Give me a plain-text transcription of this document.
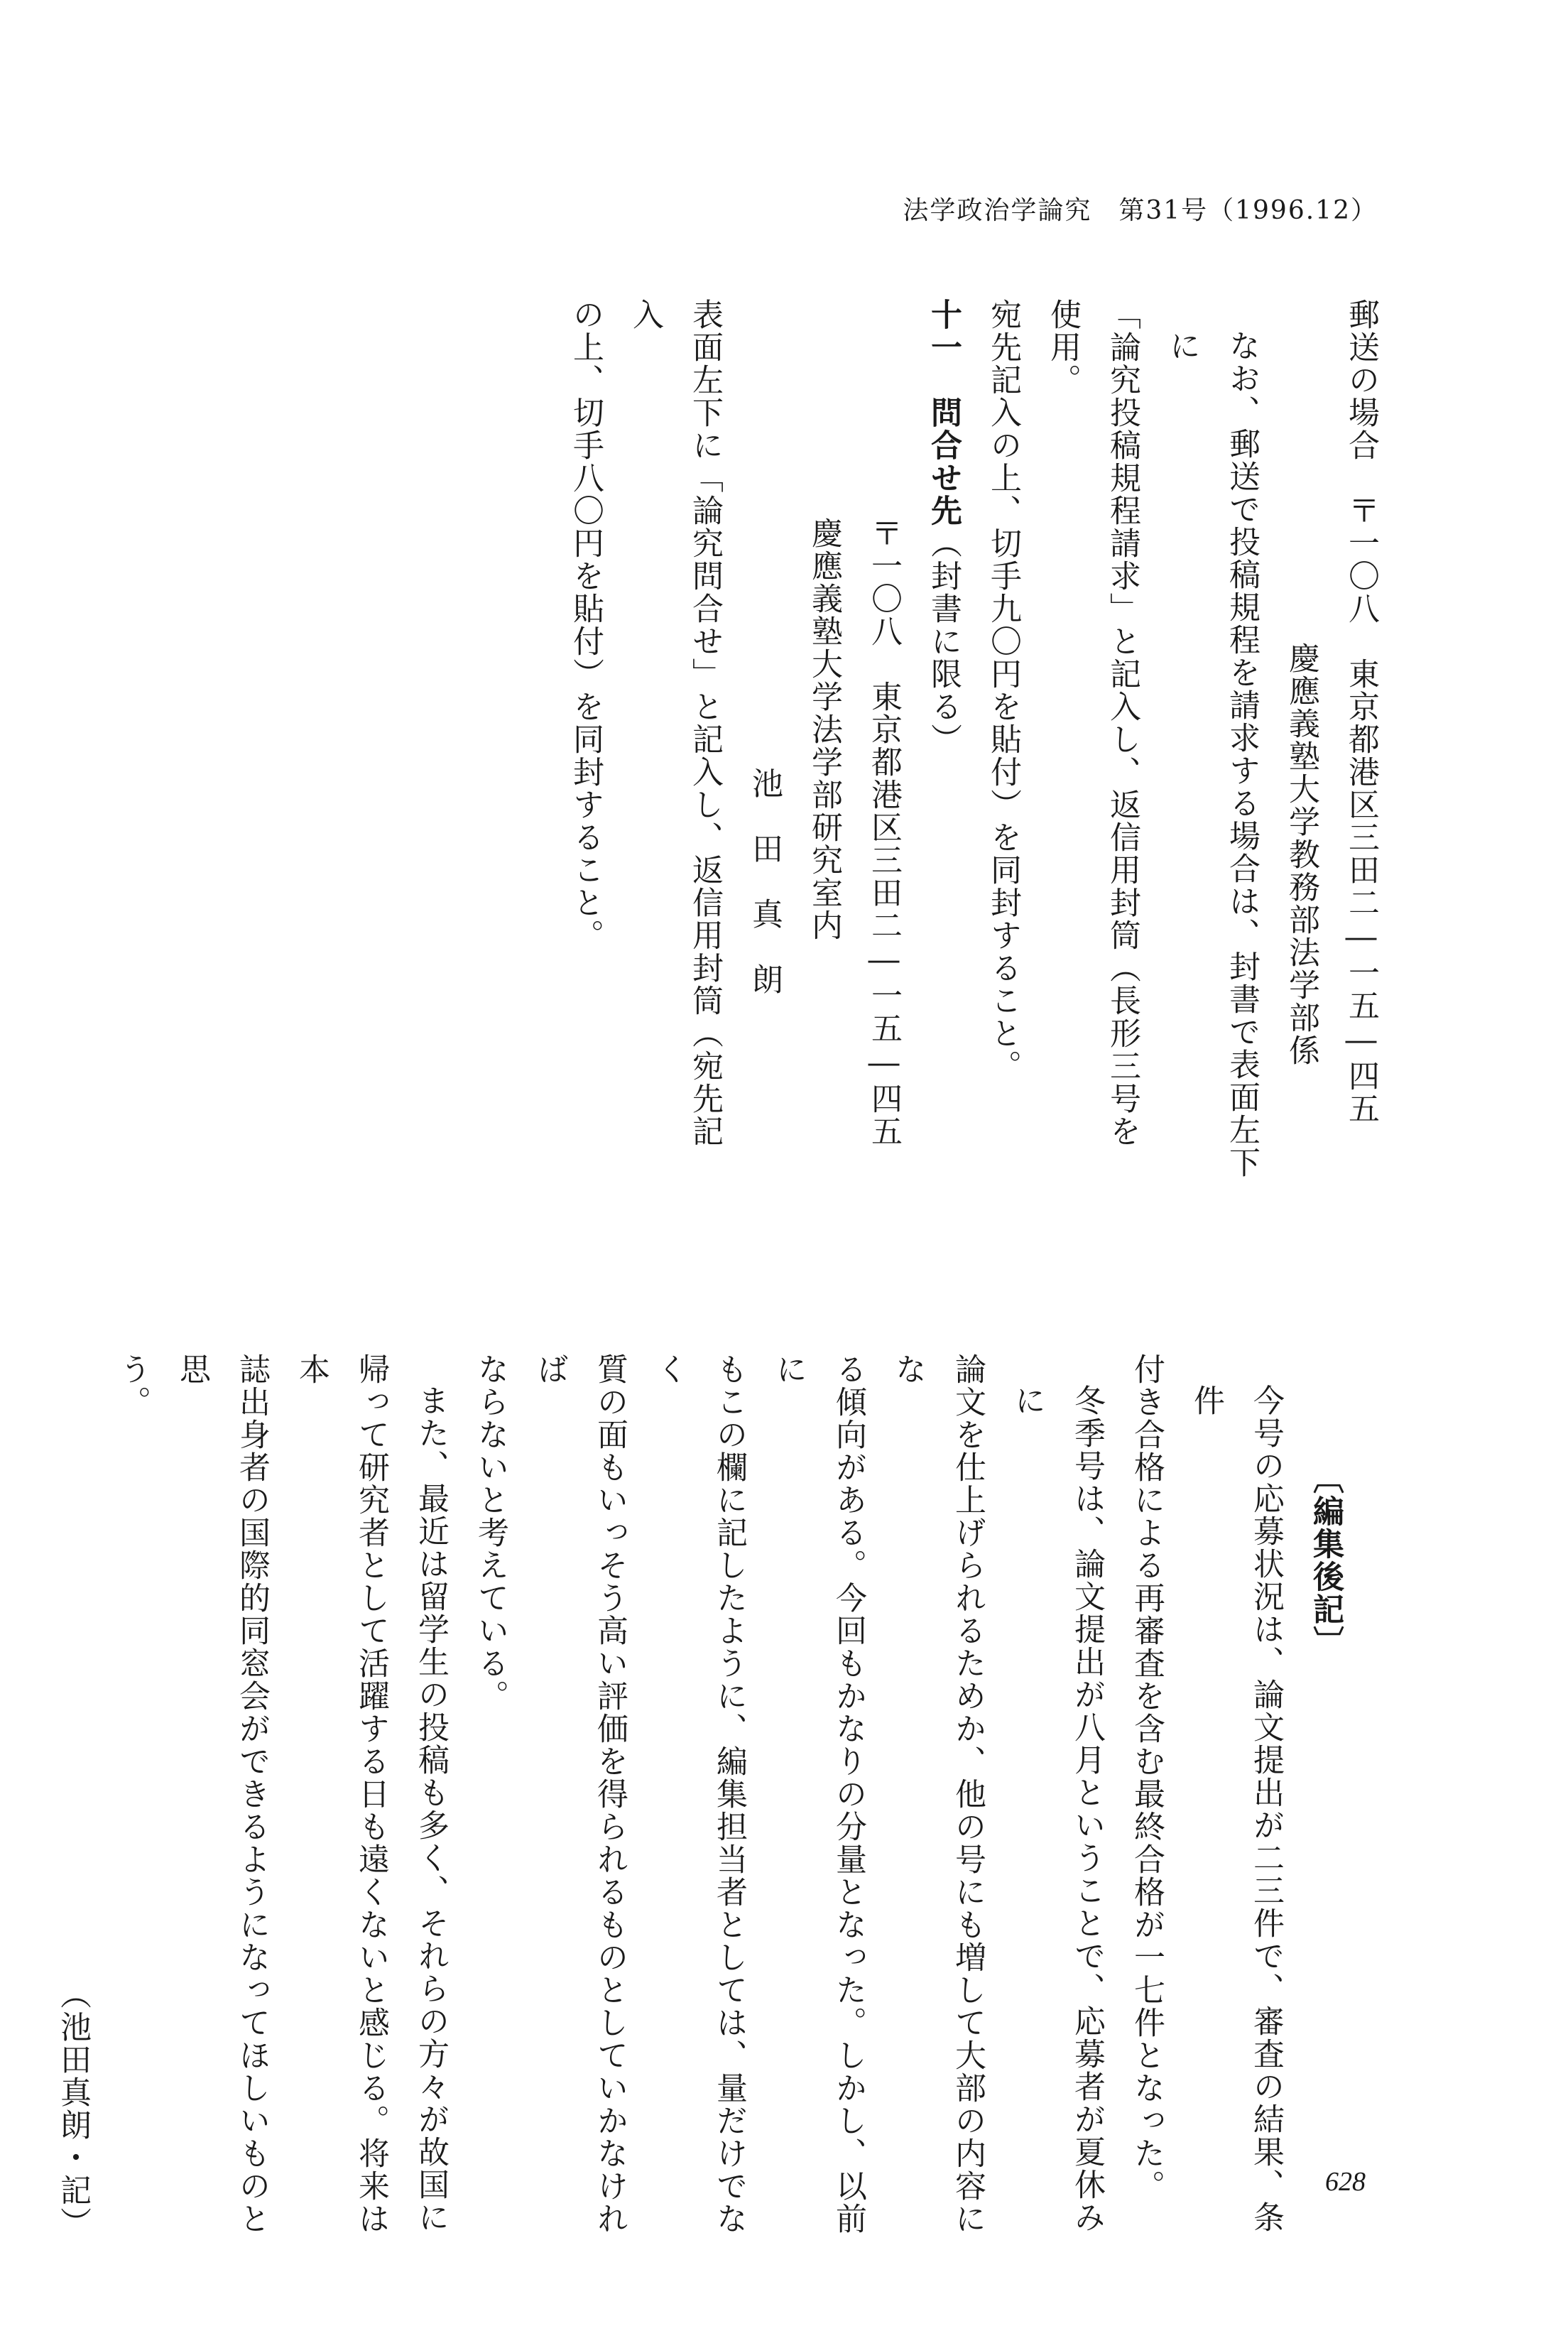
法学政治学論究　第31号（1996.12）
郵送の場合　〒一〇八　東京都港区三田二―一五―四五
慶應義塾大学教務部法学部係
なお、郵送で投稿規程を請求する場合は、封書で表面左下に
「論究投稿規程請求」と記入し、返信用封筒（長形三号を使用。
宛先記入の上、切手九〇円を貼付）を同封すること。
十一　問合せ先（封書に限る）
〒一〇八　東京都港区三田二―一五―四五
慶應義塾大学法学部研究室内
池　田　真　朗
表面左下に「論究問合せ」と記入し、返信用封筒（宛先記入
の上、切手八〇円を貼付）を同封すること。
〔編集後記〕
今号の応募状況は、論文提出が二三件で、審査の結果、条件
付き合格による再審査を含む最終合格が一七件となった。
冬季号は、論文提出が八月ということで、応募者が夏休みに
論文を仕上げられるためか、他の号にも増して大部の内容にな
る傾向がある。今回もかなりの分量となった。しかし、以前に
もこの欄に記したように、編集担当者としては、量だけでなく
質の面もいっそう高い評価を得られるものとしていかなければ
ならないと考えている。
また、最近は留学生の投稿も多く、それらの方々が故国に
帰って研究者として活躍する日も遠くないと感じる。将来は本
誌出身者の国際的同窓会ができるようになってほしいものと思
う。
（池田真朗・記）	628
